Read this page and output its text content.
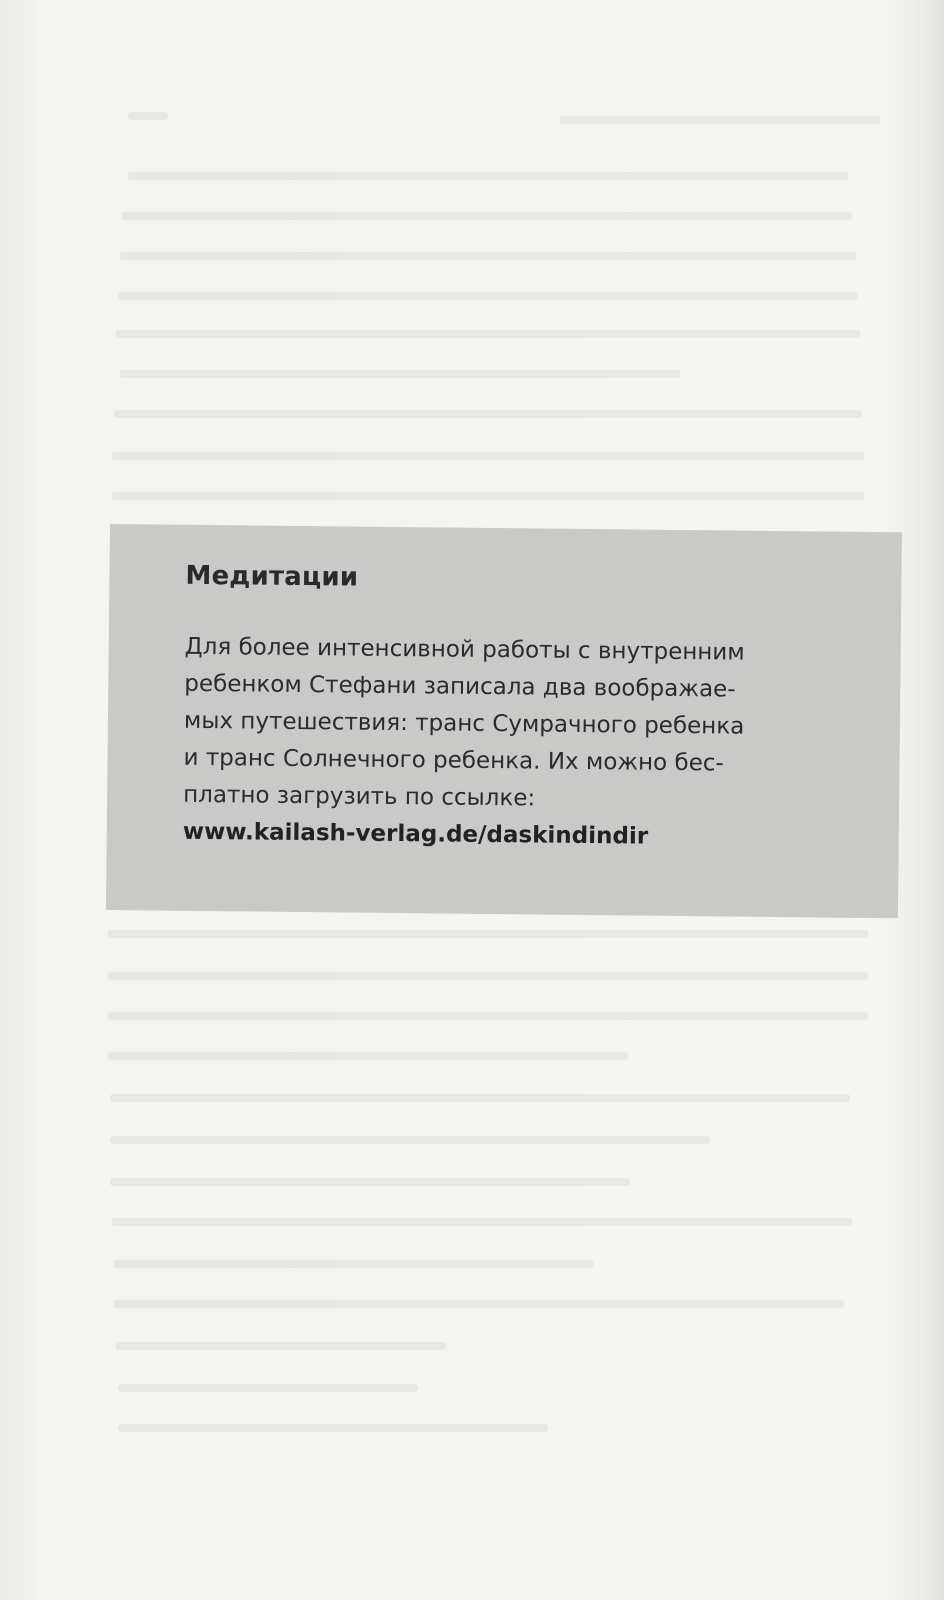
Медитации

Для более интенсивной работы с внутренним
ребенком Стефани записала два воображае-
мых путешествия: транс Сумрачного ребенка
и транс Солнечного ребенка. Их можно бес-
платно загрузить по ссылке:

www.kailash-verlag.de/daskindindir
